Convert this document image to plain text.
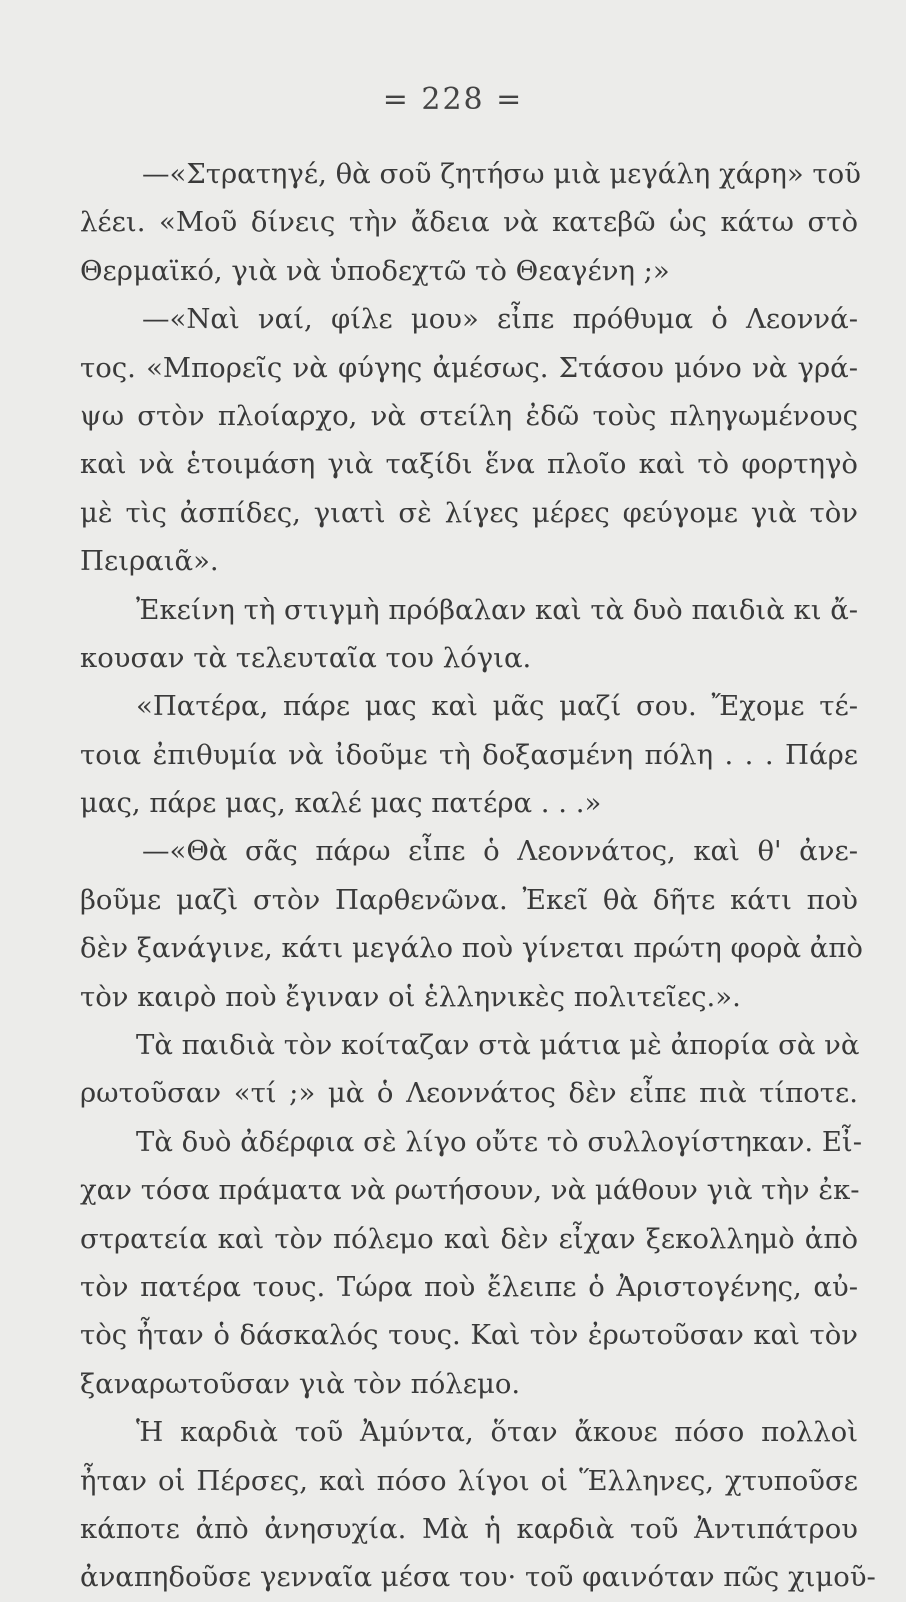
= 228 =
—«Στρατηγέ, θὰ σοῦ ζητήσω μιὰ μεγάλη χάρη» τοῦ
λέει. «Μοῦ δίνεις τὴν ἄδεια νὰ κατεβῶ ὡς κάτω στὸ
Θερμαϊκό, γιὰ νὰ ὑποδεχτῶ τὸ Θεαγένη ;»
—«Ναὶ ναί, φίλε μου» εἶπε πρόθυμα ὁ Λεοννά-
τος. «Μπορεῖς νὰ φύγης ἀμέσως. Στάσου μόνο νὰ γρά-
ψω στὸν πλοίαρχο, νὰ στείλη ἐδῶ τοὺς πληγωμένους
καὶ νὰ ἑτοιμάση γιὰ ταξίδι ἕνα πλοῖο καὶ τὸ φορτηγὸ
μὲ τὶς ἀσπίδες, γιατὶ σὲ λίγες μέρες φεύγομε γιὰ τὸν
Πειραιᾶ».
Ἐκείνη τὴ στιγμὴ πρόβαλαν καὶ τὰ δυὸ παιδιὰ κι ἄ-
κουσαν τὰ τελευταῖα του λόγια.
«Πατέρα, πάρε μας καὶ μᾶς μαζί σου. Ἔχομε τέ-
τοια ἐπιθυμία νὰ ἰδοῦμε τὴ δοξασμένη πόλη . . . Πάρε
μας, πάρε μας, καλέ μας πατέρα . . .»
—«Θὰ σᾶς πάρω εἶπε ὁ Λεοννάτος, καὶ θ' ἀνε-
βοῦμε μαζὶ στὸν Παρθενῶνα. Ἐκεῖ θὰ δῆτε κάτι ποὺ
δὲν ξανάγινε, κάτι μεγάλο ποὺ γίνεται πρώτη φορὰ ἀπὸ
τὸν καιρὸ ποὺ ἔγιναν οἱ ἑλληνικὲς πολιτεῖες.».
Τὰ παιδιὰ τὸν κοίταζαν στὰ μάτια μὲ ἀπορία σὰ νὰ
ρωτοῦσαν «τί ;» μὰ ὁ Λεοννάτος δὲν εἶπε πιὰ τίποτε.
Τὰ δυὸ ἀδέρφια σὲ λίγο οὔτε τὸ συλλογίστηκαν. Εἶ-
χαν τόσα πράματα νὰ ρωτήσουν, νὰ μάθουν γιὰ τὴν ἐκ-
στρατεία καὶ τὸν πόλεμο καὶ δὲν εἶχαν ξεκολλημὸ ἀπὸ
τὸν πατέρα τους. Τώρα ποὺ ἔλειπε ὁ Ἀριστογένης, αὐ-
τὸς ἦταν ὁ δάσκαλός τους. Καὶ τὸν ἐρωτοῦσαν καὶ τὸν
ξαναρωτοῦσαν γιὰ τὸν πόλεμο.
Ἡ καρδιὰ τοῦ Ἀμύντα, ὅταν ἄκουε πόσο πολλοὶ
ἦταν οἱ Πέρσες, καὶ πόσο λίγοι οἱ Ἕλληνες, χτυποῦσε
κάποτε ἀπὸ ἀνησυχία. Μὰ ἡ καρδιὰ τοῦ Ἀντιπάτρου
ἀναπηδοῦσε γενναῖα μέσα του· τοῦ φαινόταν πῶς χιμοῦ-
